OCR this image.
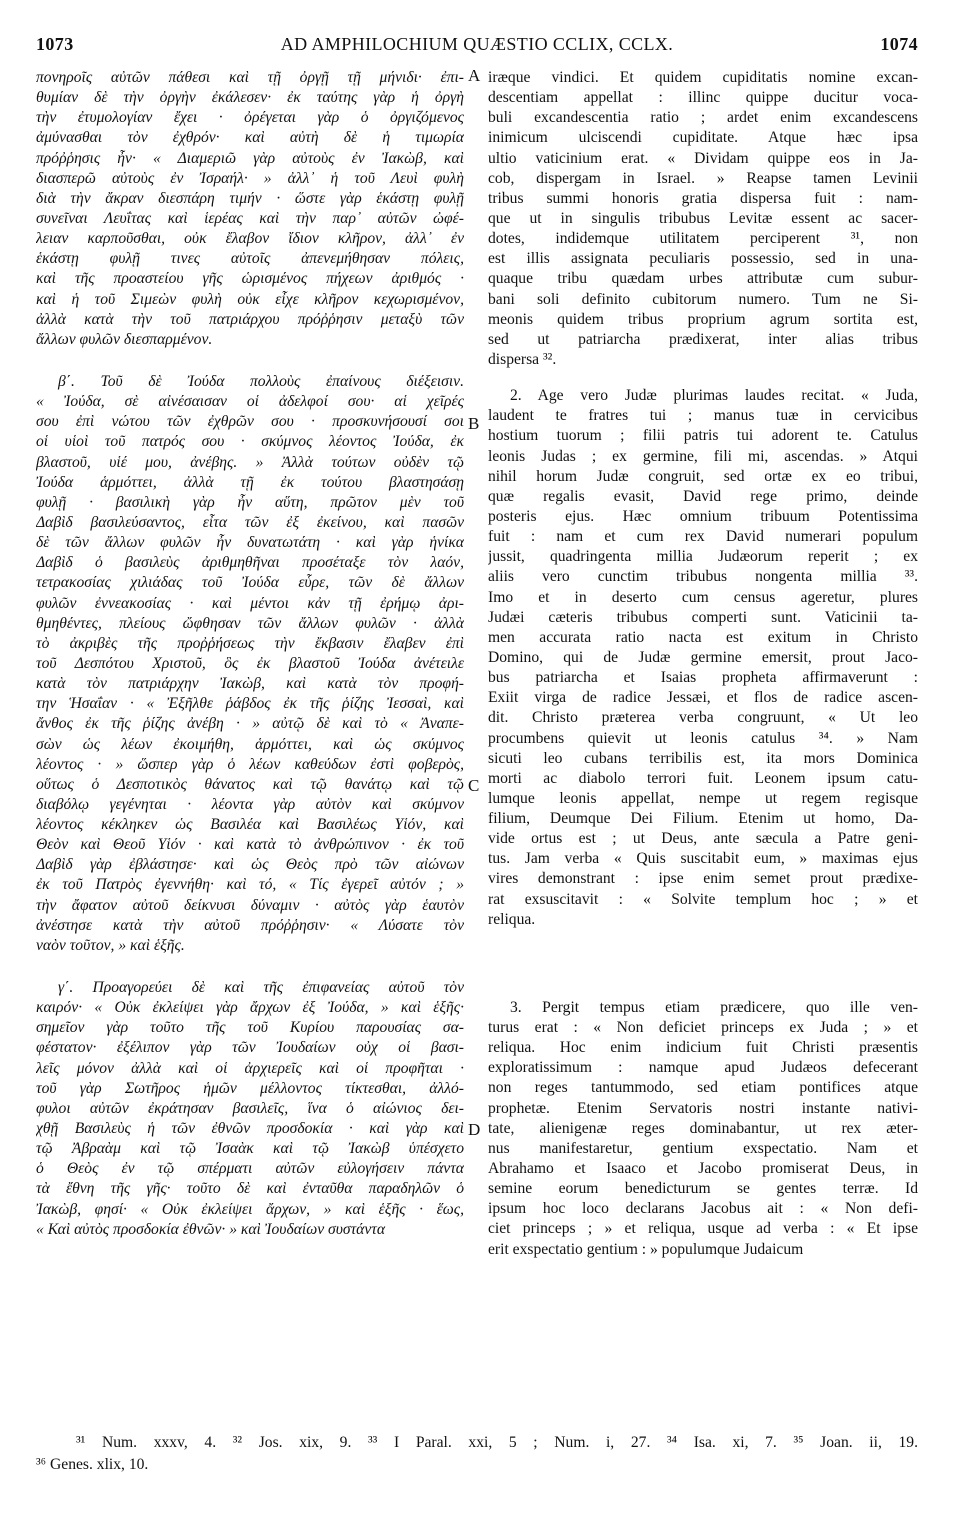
1073	AD AMPHILOCHIUM QUÆSTIO CCLIX, CCLX.	1074
πονηροῖς αὐτῶν πάθεσι καὶ τῇ ὀργῇ τῇ μήνιδι· ἐπι-
θυμίαν δὲ τὴν ὀργὴν ἐκάλεσεν· ἐκ ταύτης γὰρ ἡ ὀργὴ
τὴν ἐτυμολογίαν ἔχει · ὀρέγεται γὰρ ὁ ὀργιζόμενος
ἀμύνασθαι τὸν ἐχθρόν· καὶ αὐτὴ δὲ ἡ τιμωρία
πρόῤῥησις ἦν· « Διαμεριῶ γὰρ αὐτοὺς ἐν Ἰακὼβ, καὶ
διασπερῶ αὐτοὺς ἐν Ἰσραήλ· » ἀλλ᾽ ἡ τοῦ Λευὶ φυλὴ
διὰ τὴν ἄκραν διεσπάρη τιμήν · ὥστε γὰρ ἑκάστῃ φυλῇ
συνεῖναι Λευΐτας καὶ ἱερέας καὶ τὴν παρ᾽ αὐτῶν ὠφέ-
λειαν καρποῦσθαι, οὐκ ἔλαβον ἴδιον κλῆρον, ἀλλ᾽ ἐν
ἑκάστῃ φυλῇ τινες αὐτοῖς ἀπενεμήθησαν πόλεις,
καὶ τῆς προαστείου γῆς ὡρισμένος πήχεων ἀριθμός ·
καὶ ἡ τοῦ Σιμεὼν φυλὴ οὐκ εἶχε κλῆρον κεχωρισμένον,
ἀλλὰ κατὰ τὴν τοῦ πατριάρχου πρόῤῥησιν μεταξὺ τῶν
ἄλλων φυλῶν διεσπαρμένον.
β΄. Τοῦ δὲ Ἰούδα πολλοὺς ἐπαίνους διέξεισιν.
« Ἰούδα, σὲ αἰνέσαισαν οἱ ἀδελφοί σου· αἱ χεῖρές
σου ἐπὶ νώτου τῶν ἐχθρῶν σου · προσκυνήσουσί σοι
οἱ υἱοὶ τοῦ πατρός σου · σκύμνος λέοντος Ἰούδα, ἐκ
βλαστοῦ, υἱέ μου, ἀνέβης. » Ἀλλὰ τούτων οὐδὲν τῷ
Ἰούδα ἁρμόττει, ἀλλὰ τῇ ἐκ τούτου βλαστησάσῃ
φυλῇ · βασιλικὴ γὰρ ἦν αὕτη, πρῶτον μὲν τοῦ
Δαβὶδ βασιλεύσαντος, εἶτα τῶν ἐξ ἐκείνου, καὶ πασῶν
δὲ τῶν ἄλλων φυλῶν ἦν δυνατωτάτη · καὶ γὰρ ἡνίκα
Δαβὶδ ὁ βασιλεὺς ἀριθμηθῆναι προσέταξε τὸν λαόν,
τετρακοσίας χιλιάδας τοῦ Ἰούδα εὗρε, τῶν δὲ ἄλλων
φυλῶν ἐννεακοσίας · καὶ μέντοι κἀν τῇ ἐρήμῳ ἀρι-
θμηθέντες, πλείους ὤφθησαν τῶν ἄλλων φυλῶν · ἀλλὰ
τὸ ἀκριβὲς τῆς προῤῥήσεως τὴν ἔκβασιν ἔλαβεν ἐπὶ
τοῦ Δεσπότου Χριστοῦ, ὃς ἐκ βλαστοῦ Ἰούδα ἀνέτειλε
κατὰ τὸν πατριάρχην Ἰακὼβ, καὶ κατὰ τὸν προφή-
την Ἡσαΐαν · « Ἐξῆλθε ῥάβδος ἐκ τῆς ῥίζης Ἰεσσαὶ, καὶ
ἄνθος ἐκ τῆς ῥίζης ἀνέβη · » αὐτῷ δὲ καὶ τὸ « Ἀναπε-
σὼν ὡς λέων ἐκοιμήθη, ἁρμόττει, καὶ ὡς σκύμνος
λέοντος · » ὥσπερ γὰρ ὁ λέων καθεύδων ἐστὶ φοβερὸς,
οὕτως ὁ Δεσποτικὸς θάνατος καὶ τῷ θανάτῳ καὶ τῷ
διαβόλῳ γεγένηται · λέοντα γὰρ αὐτὸν καὶ σκύμνον
λέοντος κέκληκεν ὡς Βασιλέα καὶ Βασιλέως Υἱόν, καὶ
Θεὸν καὶ Θεοῦ Υἱόν · καὶ κατὰ τὸ ἀνθρώπινον · ἐκ τοῦ
Δαβὶδ γὰρ ἐβλάστησε· καὶ ὡς Θεὸς πρὸ τῶν αἰώνων
ἐκ τοῦ Πατρὸς ἐγεννήθη· καὶ τό, « Τίς ἐγερεῖ αὐτόν ; »
τὴν ἄφατον αὐτοῦ δείκνυσι δύναμιν · αὐτὸς γὰρ ἑαυτὸν
ἀνέστησε κατὰ τὴν αὐτοῦ πρόῤῥησιν· « Λύσατε τὸν
ναὸν τοῦτον, » καὶ ἑξῆς.
γ΄. Προαγορεύει δὲ καὶ τῆς ἐπιφανείας αὐτοῦ τὸν
καιρόν· « Οὐκ ἐκλείψει γὰρ ἄρχων ἐξ Ἰούδα, » καὶ ἑξῆς·
σημεῖον γὰρ τοῦτο τῆς τοῦ Κυρίου παρουσίας σα-
φέστατον· ἐξέλιπον γὰρ τῶν Ἰουδαίων οὐχ οἱ βασι-
λεῖς μόνον ἀλλὰ καὶ οἱ ἀρχιερεῖς καὶ οἱ προφῆται ·
τοῦ γὰρ Σωτῆρος ἡμῶν μέλλοντος τίκτεσθαι, ἀλλό-
φυλοι αὐτῶν ἐκράτησαν βασιλεῖς, ἵνα ὁ αἰώνιος δει-
χθῇ Βασιλεὺς ἡ τῶν ἐθνῶν προσδοκία · καὶ γὰρ καὶ
τῷ Ἀβραὰμ καὶ τῷ Ἰσαὰκ καὶ τῷ Ἰακὼβ ὑπέσχετο
ὁ Θεὸς ἐν τῷ σπέρματι αὐτῶν εὐλογήσειν πάντα
τὰ ἔθνη τῆς γῆς· τοῦτο δὲ καὶ ἐνταῦθα παραδηλῶν ὁ
Ἰακὼβ, φησί· « Οὐκ ἐκλείψει ἄρχων, » καὶ ἑξῆς · ἕως,
« Καὶ αὐτὸς προσδοκία ἐθνῶν· » καὶ Ἰουδαίων συστάντα
iræque vindici. Et quidem cupiditatis nomine excan-
descentiam appellat : illinc quippe ducitur voca-
buli excandescentia ratio ; ardet enim excandescens
inimicum ulciscendi cupiditate. Atque hæc ipsa
ultio vaticinium erat. « Dividam quippe eos in Ja-
cob, dispergam in Israel. » Reapse tamen Levinii
tribus summi honoris gratia dispersa fuit : nam-
que ut in singulis tribubus Levitæ essent ac sacer-
dotes, indidemque utilitatem perciperent ³¹, non
est illis assignata peculiaris possessio, sed in una-
quaque tribu quædam urbes attributæ cum subur-
bani soli definito cubitorum numero. Tum ne Si-
meonis quidem tribus proprium agrum sortita est,
sed ut patriarcha prædixerat, inter alias tribus
dispersa ³².
2. Age vero Judæ plurimas laudes recitat. « Juda,
laudent te fratres tui ; manus tuæ in cervicibus
hostium tuorum ; filii patris tui adorent te. Catulus
leonis Judas ; ex germine, fili mi, ascendas. » Atqui
nihil horum Judæ congruit, sed ortæ ex eo tribui,
quæ regalis evasit, David rege primo, deinde
posteris ejus. Hæc omnium tribuum Potentissima
fuit : nam et cum rex David numerari populum
jussit, quadringenta millia Judæorum reperit ; ex
aliis vero cunctim tribubus nongenta millia ³³.
Imo et in deserto cum census ageretur, plures
Judæi cæteris tribubus comperti sunt. Vaticinii ta-
men accurata ratio nacta est exitum in Christo
Domino, qui de Judæ germine emersit, prout Jaco-
bus patriarcha et Isaias propheta affirmaverunt :
Exiit virga de radice Jessæi, et flos de radice ascen-
dit. Christo præterea verba congruunt, « Ut leo
procumbens quievit ut leonis catulus ³⁴. » Nam
sicuti leo cubans terribilis est, ita mors Dominica
morti ac diabolo terrori fuit. Leonem ipsum catu-
lumque leonis appellat, nempe ut regem regisque
filium, Deumque Dei Filium. Etenim ut homo, Da-
vide ortus est ; ut Deus, ante sæcula a Patre geni-
tus. Jam verba « Quis suscitabit eum, » maximas ejus
vires demonstrant : ipse enim semet prout prædixe-
rat exsuscitavit : « Solvite templum hoc ; » et
reliqua.
3. Pergit tempus etiam prædicere, quo ille ven-
turus erat : « Non deficiet princeps ex Juda ; » et
reliqua. Hoc enim indicium fuit Christi præsentis
exploratissimum : namque apud Judæos defecerant
non reges tantummodo, sed etiam pontifices atque
prophetæ. Etenim Servatoris nostri instante nativi-
tate, alienigenæ reges dominabantur, ut rex æter-
nus manifestaretur, gentium exspectatio. Nam et
Abrahamo et Isaaco et Jacobo promiserat Deus, in
semine eorum benedicturum se gentes terræ. Id
ipsum hoc loco declarans Jacobus ait : « Non defi-
ciet princeps ; » et reliqua, usque ad verba : « Et ipse
erit exspectatio gentium : » populumque Judaicum
A
B
C
D
³¹ Num. xxxv, 4. ³² Jos. xix, 9. ³³ I Paral. xxi, 5 ; Num. i, 27. ³⁴ Isa. xi, 7. ³⁵ Joan. ii, 19.
³⁶ Genes. xlix, 10.
